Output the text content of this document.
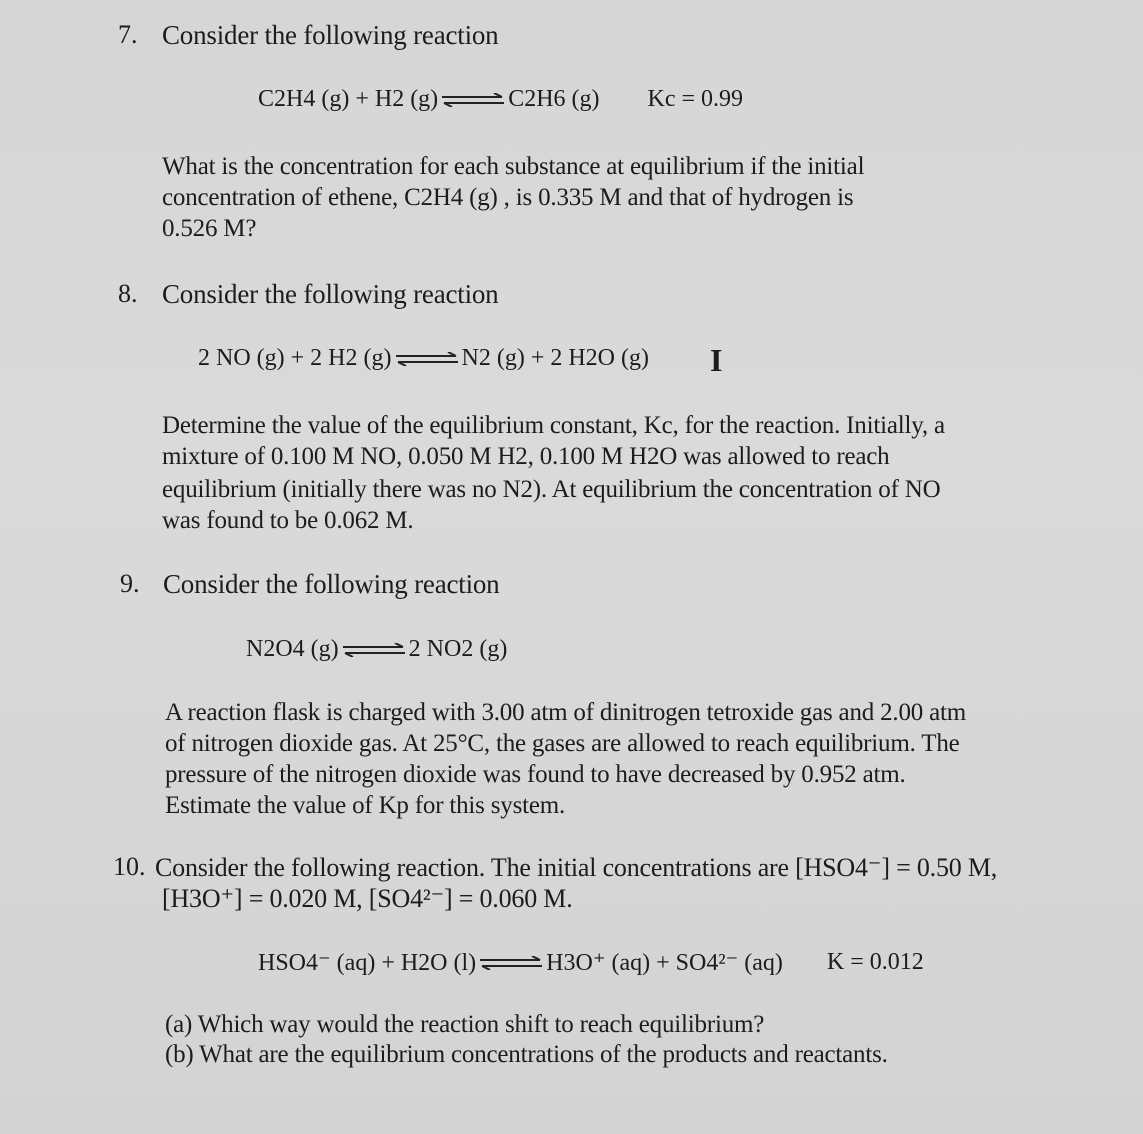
7. Consider the following reaction
C2H4 (g) + H2 (g) ⇌ C2H6 (g) Kc = 0.99
What is the concentration for each substance at equilibrium if the initial
concentration of ethene, C2H4 (g) , is 0.335 M and that of hydrogen is
0.526 M?
8. Consider the following reaction
2 NO (g) + 2 H2 (g) ⇌ N2 (g) + 2 H2O (g) I
Determine the value of the equilibrium constant, Kc, for the reaction. Initially, a
mixture of 0.100 M NO, 0.050 M H2, 0.100 M H2O was allowed to reach
equilibrium (initially there was no N2). At equilibrium the concentration of NO
was found to be 0.062 M.
9. Consider the following reaction
N2O4 (g) ⇌ 2 NO2 (g)
A reaction flask is charged with 3.00 atm of dinitrogen tetroxide gas and 2.00 atm
of nitrogen dioxide gas. At 25°C, the gases are allowed to reach equilibrium. The
pressure of the nitrogen dioxide was found to have decreased by 0.952 atm.
Estimate the value of Kp for this system.
10. Consider the following reaction. The initial concentrations are [HSO4⁻] = 0.50 M,
[H3O⁺] = 0.020 M, [SO4²⁻] = 0.060 M.
HSO4⁻ (aq) + H2O (l) ⇌ H3O⁺ (aq) + SO4²⁻ (aq) K = 0.012
(a) Which way would the reaction shift to reach equilibrium?
(b) What are the equilibrium concentrations of the products and reactants.
